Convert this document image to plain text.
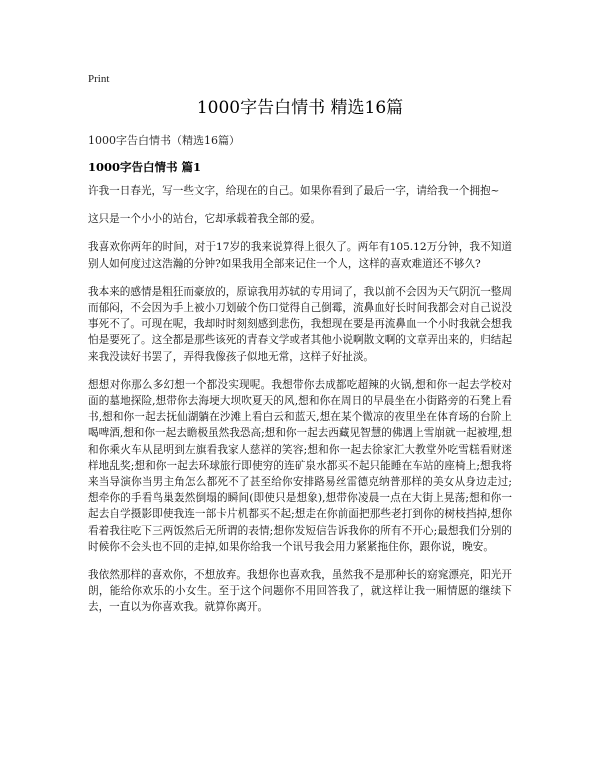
Print
1000字告白情书 精选16篇
1000字告白情书（精选16篇）
1000字告白情书 篇1

许我一日春光，写一些文字，给现在的自己。如果你看到了最后一字，请给我一个拥抱~

这只是一个小小的站台，它却承载着我全部的爱。

我喜欢你两年的时间，对于17岁的我来说算得上很久了。两年有105.12万分钟，我不知道别人如何度过这浩瀚的分钟?如果我用全部来记住一个人，这样的喜欢难道还不够久?

我本来的感情是粗狂而豪放的，原谅我用苏轼的专用词了，我以前不会因为天气阴沉一整周而郁闷，不会因为手上被小刀划破个伤口觉得自己倒霉，流鼻血好长时间我都会对自己说没事死不了。可现在呢，我却时时刻刻感到悲伤，我想现在要是再流鼻血一个小时我就会想我怕是要死了。这全都是那些该死的青春文学或者其他小说啊散文啊的文章弄出来的，归结起来我没读好书罢了，弄得我像孩子似地无常，这样子好扯淡。

想想对你那么多幻想一个都没实现呢。我想带你去成都吃超辣的火锅,想和你一起去学校对面的墓地探险,想带你去海埂大坝吹夏天的风,想和你在周日的早晨坐在小街路旁的石凳上看书,想和你一起去抚仙湖躺在沙滩上看白云和蓝天,想在某个微凉的夜里坐在体育场的台阶上喝啤酒,想和你一起去瞻极虽然我恐高;想和你一起去西藏见智慧的佛遇上雪崩就一起被埋,想和你乘火车从昆明到左旗看我家人慈祥的笑容;想和你一起去徐家汇大教堂外吃雪糕看财迷样地乱奖;想和你一起去环球旅行即使穷的连矿泉水都买不起只能睡在车站的座椅上;想我将来当导演你当男主角怎么都死不了甚至给你安排路易丝雷德克纳普那样的美女从身边走过;想牵你的手看鸟巢轰然倒塌的瞬间(即使只是想象),想带你凌晨一点在大街上晃荡;想和你一起去自学摄影即使我连一部卡片机都买不起;想走在你前面把那些老打到你的树枝挡掉,想你看着我往吃下三两饭然后无所谓的表情;想你发短信告诉我你的所有不开心;最想我们分别的时候你不会头也不回的走掉,如果你给我一个讯号我会用力紧紧拖住你，跟你说，晚安。

我依然那样的喜欢你，不想放弃。我想你也喜欢我，虽然我不是那种长的窈窕漂亮，阳光开朗，能给你欢乐的小女生。至于这个问题你不用回答我了，就这样让我一厢情愿的继续下去，一直以为你喜欢我。就算你离开。
